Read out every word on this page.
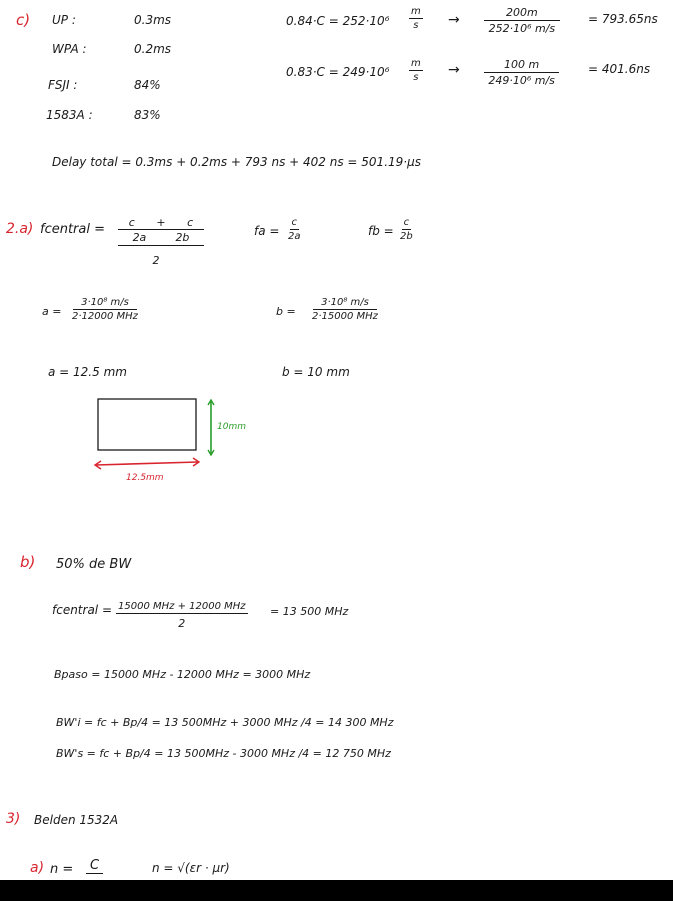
c) UP :	0.3ms
WPA :	0.2ms
FSJI :	84%
1583A :	83%
$0.84\cdot C = 252\cdot 10^6 \frac{m}{s} \to \frac{200m}{\text{252·10⁶ m/s}} = 793.65ns$
$0.83\cdot C = 249\cdot 10^6 \frac{m}{s} \to \frac{100 m}{\text{249·10⁶ m/s}} = 401.6ns$
Delay total = 0.3ms + 0.2ms + 793 ns + 402 ns = 501.19·µs
2.a) fcentral = c + c
2a	2b
2
fa = $\frac{c}{2a}$	fb = $\frac{c}{2b}$
a =
3·10⁸ m/s
2·12000 MHz	b =
3·10⁸ m/s
2·15000 MHz
a = 12.5 mm	b = 10 mm
10mm
12.5mm
b) 50% de BW
fcentral = 15000 MHz + 12000 MHz
2
= 13 500 MHz
Bpaso = 15000 MHz - 12000 MHz = 3000 MHz
BW'i = fc + Bp/4 = 13 500MHz + 3000 MHz /4 = 14 300 MHz
BW's = fc + Bp/4 = 13 500MHz - 3000 MHz /4 = 12 750 MHz
3) Belden 1532A
a) n =	C	n = √(εr · µr)
